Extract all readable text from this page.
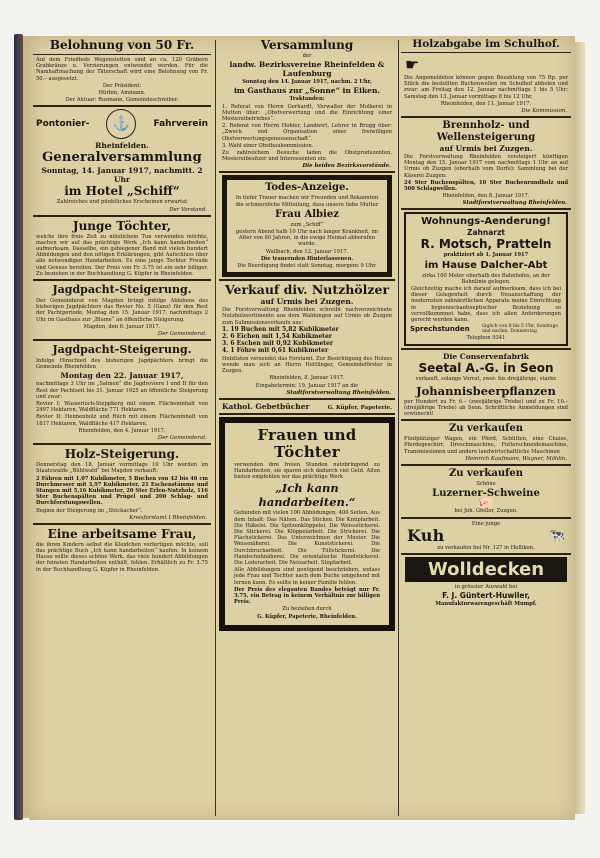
Belohnung von 50 Fr.
Auf dem Friedhofe Wegenstetten sind an ca. 120 Gräbern Grabkränze u. Verzierungen entwendet worden. Für die Namhaftmachung der Täterschaft wird eine Belohnung von Fr. 50.– ausgesetzt.
Der Präsident:
Hürbin, Ammann.
Der Aktuar: Rosmann, Gemeindeschreiber.
Pontonier-	⚓	Fahrverein
Rheinfelden.
Generalversammlung
Sonntag, 14. Januar 1917, nachmitt. 2 Uhr
im Hotel „Schiff“
Zahlreiches und pünktliches Erscheinen erwartet
Der Vorstand.
Junge Töchter,
welche ihre freie Zeit zu nützlichem Tun verwenden möchte, machen wir auf das prächtige Werk „Ich kann handarbeiten“ aufmerksam. Dasselbe, ein gebiegener Band mit vielen hundert Abbildungen und den nötigen Erklärungen, gibt Aufschluss über alle notwendigen Handarbeiten. Es eine junge Tochter Freude und Genuss bereiten. Der Preis von Fr. 3.75 ist ein sehr billiger. Zu beziehen in der Buchhandlung G. Küpfer in Rheinfelden.
Jagdpacht-Steigerung.
Der Gemeinderat von Magden bringt infolge Ablebens des bisherigen Jagdpächters das Revier No. 5 (Ganz) für den Rest der Pachtperiode, Montag den 15. Januar 1917, nachmittags 2 Uhr im Gasthaus zur „Blume“ an öffentliche Steigerung.
Magden, den 6. Januar 1917.
Der Gemeinderat.
Jagdpacht-Steigerung.
Infolge Hinschied des bisherigen Jagdpächters bringt die Gemeinde Rheinfelden
Montag den 22. Januar 1917,
nachmittags 3 Uhr im „Salmen“ die Jagdreviere I und II für den Rest der Pachtzeit bis 31. Januar 1925 an öffentliche Steigerung und zwar:
Revier I: Wasserloch-Steppberg mit einem Flächeninhalt von 2497 Hektaren, Waldfläche 771 Hektaren.
Revier II: Heimenholz und Rüch mit einem Flächeninhalt von 1817 Hektaren, Waldfläche 417 Hektaren.
Rheinfelden, den 4. Januar 1917.
Der Gemeinderat.
Holz-Steigerung.
Donnerstag den 18. Januar vormittags 10 Uhr werden im Staatswalde „Bühlwald“ bei Magden verkauft:
2 Fähren mit 1,07 Kubikmeter, 5 Buchen von 42 bis 46 cm Durchmesser mit 3,97 Kubikmeter, 21 Eschenstämme und Stangen mit 5,16 Kubikmeter, 20 Ster Erlen-Nutzholz, 116 Ster Buchenspälten und Prügel und 200 Schlag- und Durchforstungswellen.
Beginn der Steigerung im „Stöckacher“.
Kreisforstamt I Rheinfelden.
Eine arbeitsame Frau,
die ihren Kindern selbst die Kleidchen verfertigen möchte, soll das prächtige Buch „Ich kann handarbeiten“ kaufen. In keinem Hause sollte dieses schöne Werk, das viele hundert Abbildungen der feinsten Handarbeiten enthält, fehlen. Erhältlich zu Fr. 3.75 in der Buchhandlung G. Küpfer in Rheinfelden.
Versammlung
der
landw. Bezirksvereine Rheinfelden & Laufenburg
Sonntag den 14. Januar 1917, nachm. 2 Uhr,
im Gasthaus zur „Sonne“ in Eiken.
Traktanden:
1. Referat von Herrn Gerhardt, Verwalter der Molkerei in Mutten über: „Obstverwertung und die Einrichtung einer Mostereibetriebes“.
2. Referat von Herrn Hohler, Landwirt, Lehrer in Brugg über: „Zweck und Organisation einer freiwilligen Obstverwertungsgenossenschaft“.
3. Wahl einer Obstbaukommission.
Zu zahlreichem Besuche laden die Obstproduzenten, Mostereibesitzer und Interessenten ein
Die beiden Bezirksvorstände.
Todes-Anzeige.
In tiefer Trauer machen wir Freunden und Bekannten die schmerzliche Mitteilung, dass unsere liebe Mutter
Frau Albiez
zum „Schiff“
gestern Abend halb 10 Uhr nach langer Krankheit, im Alter von 80 Jahren, in die ewige Heimat abberufen wurde.
Wallbach, den 12. Januar 1917.
Die trauernden Hinterlassenen.
Die Beerdigung findet statt Sonntag, morgens 9 Uhr.
Verkauf div. Nutzhölzer
auf Urmis bei Zuzgen.
Die Forstverwaltung Rheinfelden schreibt nachverzeichnete Nutzholzsortimente aus dem Waldungen auf Urmis ob Zuzgen zum Submissionsverkaufe aus:
1. 19 Buchen mit 5,82 Kubikmeter
2. 6 Eichen mit 1,54 Kubikmeter
3. 6 Eschen mit 0,92 Kubikmeter
4. 1 Föhre mit 0,61 Kubikmeter
Holzlisten versendet das Forstamt. Zur Besichtigung des Holzes wende man sich an Herrn Hettlinger, Gemeindeförster in Zuzgen.
Rheinfelden, 8. Januar 1917.
Eingabetermin: 19. Januar 1917 an die
Stadtforstverwaltung Rheinfelden.
Kathol. Gebetbücher	G. Küpfer, Papeterie.
Frauen und Töchter
verwenden ihre freien Stunden nutzbringend zu Handarbeiten, sie sparen sich dadurch viel Geld. Allen bieten empfehlen wir das prächtige Werk
„Ich kann handarbeiten.“
Gebunden mit vielen 100 Abbildungen, 400 Seiten. Aus dem Inhalt: Das Nähen. Das Sticken. Die Knüpfarbeit. Die Häkelei. Die Spitzenklöppelei. Die Weissstickerei. Die Stickerei. Die Klöppelarbeit. Die Strickerei. Die Flachstickerei. Das Unterzeichnen der Muster. Die Weissnäherei. Die Kunststickerei. Die Durchbrucharbeit. Die Tüllstickerei. Die Handschuhnäherei. Die orientalische Handstickerei. Die Lederarbeit. Die Netzarbeit. Stopfarbeit.
Alle Abbildungen sind genügend beschrieben, sodass jede Frau und Tochter nach dem Buche umgehend mit lernen kann. Es sollte in keiner Familie fehlen.
Der Preis des eleganten Bandes beträgt nur Fr. 3.75, ein Betrag in keinem Verhältnis zur billigen Preis.
Zu beziehen durch
G. Küpfer, Papeterie, Rheinfelden.
Holzabgabe im Schulhof.
☛
Die Angemeldeten können gegen Bezahlung von 75 Rp. per Stück die bestellten Buchenwellen im Schulhof abholen und zwar: am Freitag den 12. Januar nachmittags 1 bis 5 Uhr; Samstag den 13. Januar vormittags 8 bis 12 Uhr.
Rheinfelden, den 11. Januar 1917.
Die Kommission.
Brennholz- und Wellensteigerung
auf Urmis bei Zuzgen.
Die Forstverwaltung Rheinfelden versteigert künftigen Montag den 15. Januar 1917 vom nachmittags 1 Uhr an auf Urmis ob Zuzgen (oberhalb vom Dorfe); Sammlung bei der Käserei Zuzgen:
24 Ster Buchenspälten, 10 Ster Buchenrundholz und 500 Schlagwellen.
Rheinfelden, den 8. Januar 1917.
Stadtforstverwaltung Rheinfelden.
Wohnungs-Aenderung!
Zahnarzt
R. Motsch, Pratteln
praktiziert ab 1. Januar 1917
im Hause Dalcher-Abt
zirka 100 Meter oberhalb des Bahnhofes, an der Bahnlinie gelegen.
Gleichzeitig mache ich darauf aufmerksam, dass ich bei dieser Gelegenheit durch Neuanschaffung der modernsten zahnärztlichen Apparate meine Einrichtung in hygienischantiseptischer Beziehung so vervollkommnet habe, dass ich allen Anforderungen gerecht werden kann.
Sprechstunden	täglich von 8 bis 5 Uhr, Sonntags und nachm. Donnerstag
Telephon 9341
Die Conservenfabrik
Seetal A.-G. in Seon
verkauft, solange Vorrat, zwei- bis dreijährige, starke
Johannisbeerpflanzen
per Hundert zu Fr. 6.– (zweijährige Triebe) und zu Fr. 10.– (dreijährige Triebe) ab Seon. Schriftliche Anmeldungen sind erwünscht!
Zu verkaufen
Fünfplätziger Wagen, ein Pferd, Schlitten, eine Chaise, Pferdegeschirr, Dreschmaschine, Futterschneidemaschine, Transmissionen und andere landwirtschaftliche Maschinen
Heinrich Kaufmann, Wagner, Möhlin.
Zu verkaufen
Schöne
Luzerner-Schweine
🐖
bei Joh. Gfeller, Zuzgen.
Eine junge
Kuh	🐄
zu verkaufen bei Nr. 127 in Hellikon.
Wolldecken
in grösster Auswahl bei
F. J. Güntert-Huwiler,
Manufakturwarengeschäft Mumpf.
